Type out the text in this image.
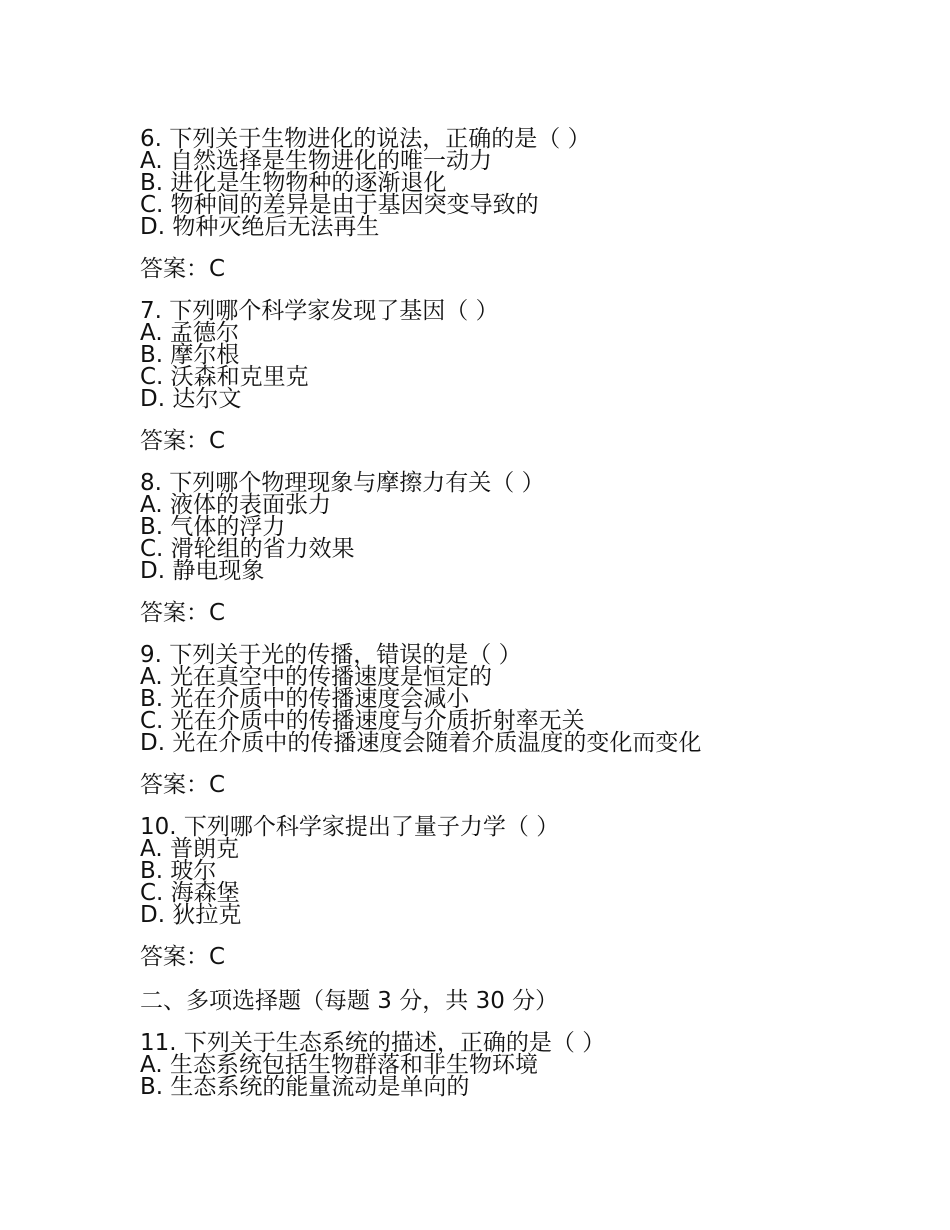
6. 下列关于生物进化的说法，正确的是（ ）
A. 自然选择是生物进化的唯一动力
B. 进化是生物物种的逐渐退化
C. 物种间的差异是由于基因突变导致的
D. 物种灭绝后无法再生
答案：C
7. 下列哪个科学家发现了基因（ ）
A. 孟德尔
B. 摩尔根
C. 沃森和克里克
D. 达尔文
答案：C
8. 下列哪个物理现象与摩擦力有关（ ）
A. 液体的表面张力
B. 气体的浮力
C. 滑轮组的省力效果
D. 静电现象
答案：C
9. 下列关于光的传播，错误的是（ ）
A. 光在真空中的传播速度是恒定的
B. 光在介质中的传播速度会减小
C. 光在介质中的传播速度与介质折射率无关
D. 光在介质中的传播速度会随着介质温度的变化而变化
答案：C
10. 下列哪个科学家提出了量子力学（ ）
A. 普朗克
B. 玻尔
C. 海森堡
D. 狄拉克
答案：C
二、多项选择题（每题 3 分，共 30 分）
11. 下列关于生态系统的描述，正确的是（ ）
A. 生态系统包括生物群落和非生物环境
B. 生态系统的能量流动是单向的
